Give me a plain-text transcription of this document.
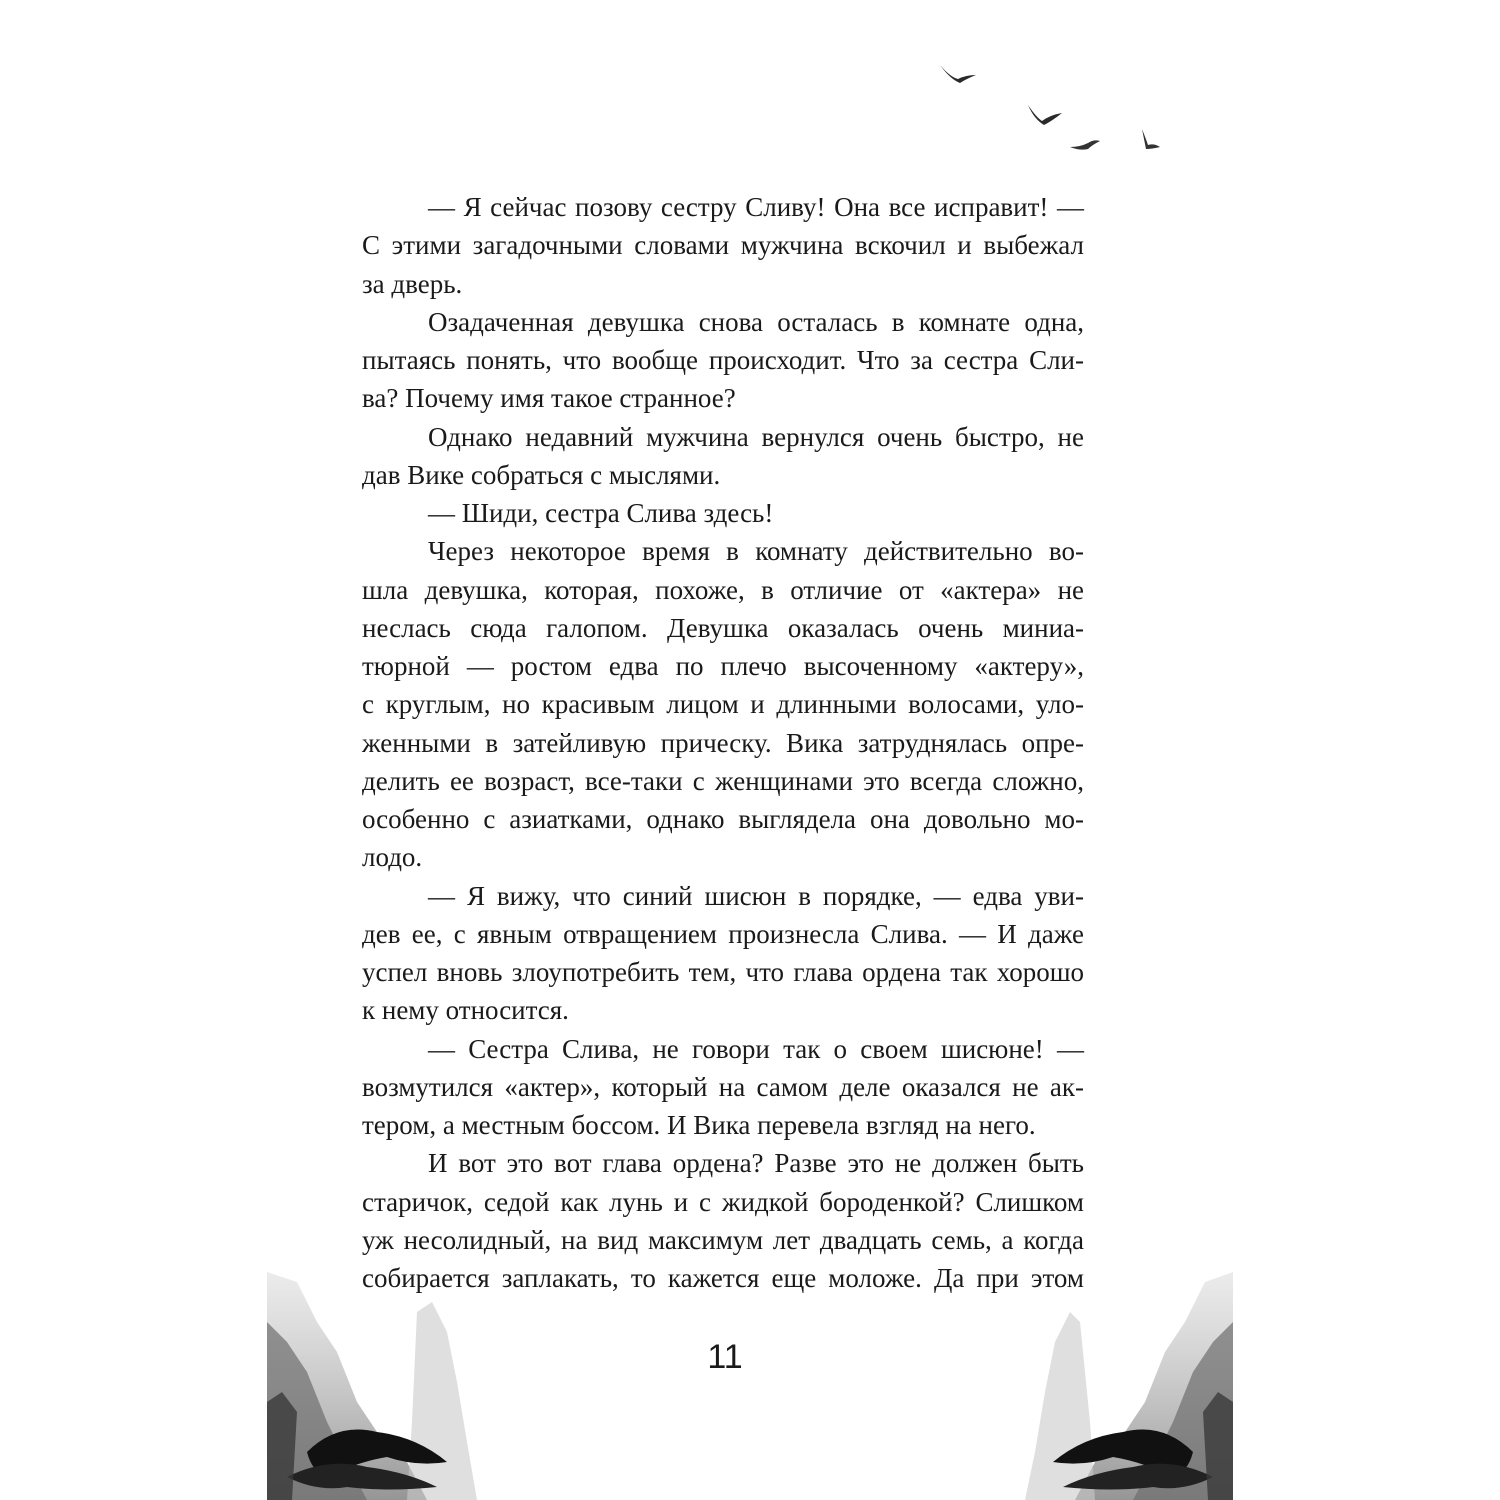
— Я сейчас позову сестру Сливу! Она все исправит! —
С этими загадочными словами мужчина вскочил и выбежал
за дверь.
Озадаченная девушка снова осталась в комнате одна,
пытаясь понять, что вообще происходит. Что за сестра Сли-
ва? Почему имя такое странное?
Однако недавний мужчина вернулся очень быстро, не
дав Вике собраться с мыслями.
— Шиди, сестра Слива здесь!
Через некоторое время в комнату действительно во-
шла девушка, которая, похоже, в отличие от «актера» не
неслась сюда галопом. Девушка оказалась очень миниа-
тюрной — ростом едва по плечо высоченному «актеру»,
с круглым, но красивым лицом и длинными волосами, уло-
женными в затейливую прическу. Вика затруднялась опре-
делить ее возраст, все-таки с женщинами это всегда сложно,
особенно с азиатками, однако выглядела она довольно мо-
лодо.
— Я вижу, что синий шисюн в порядке, — едва уви-
дев ее, с явным отвращением произнесла Слива. — И даже
успел вновь злоупотребить тем, что глава ордена так хорошо
к нему относится.
— Сестра Слива, не говори так о своем шисюне! —
возмутился «актер», который на самом деле оказался не ак-
тером, а местным боссом. И Вика перевела взгляд на него.
И вот это вот глава ордена? Разве это не должен быть
старичок, седой как лунь и с жидкой бороденкой? Слишком
уж несолидный, на вид максимум лет двадцать семь, а когда
собирается заплакать, то кажется еще моложе. Да при этом
11
